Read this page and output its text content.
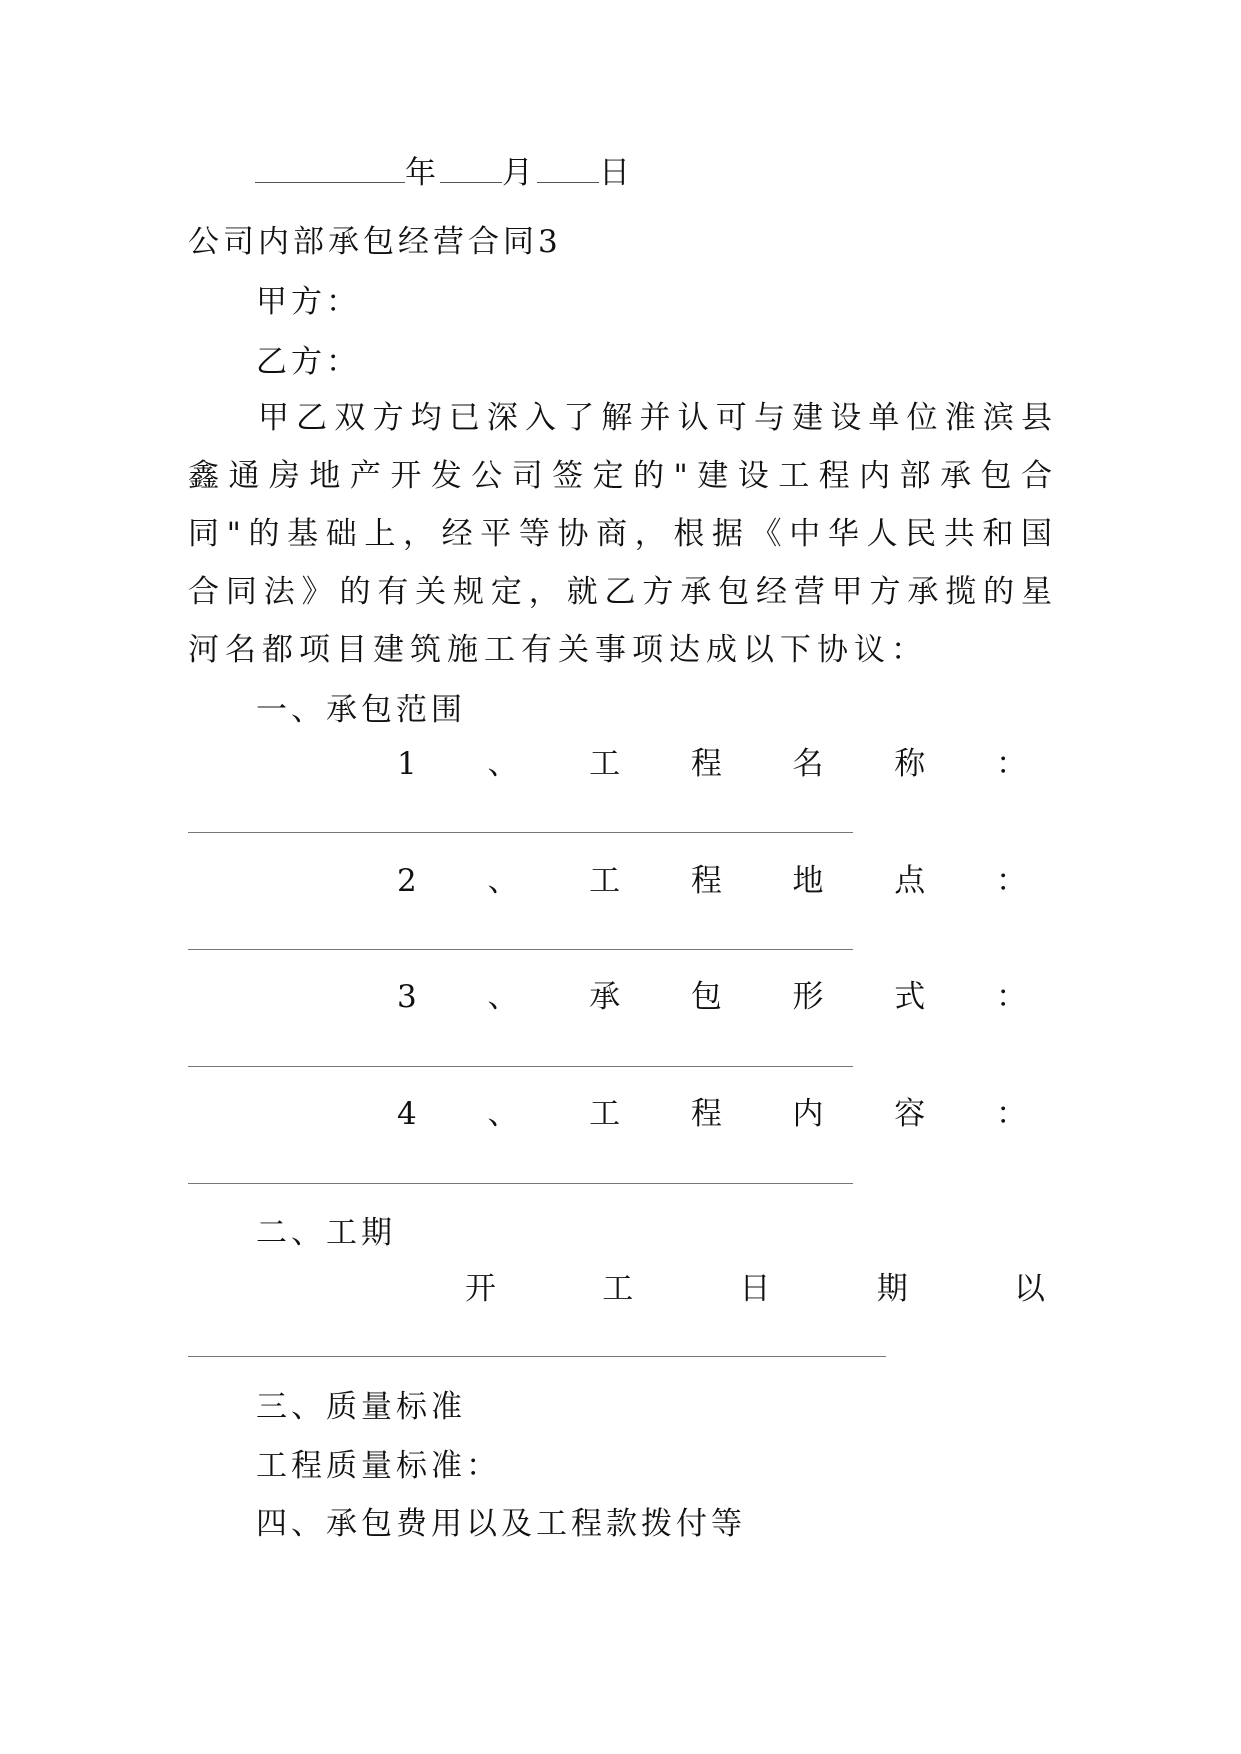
年 月 日
公司内部承包经营合同3
甲方：
乙方：
甲乙双方均已深入了解并认可与建设单位淮滨县鑫通房地产开发公司签定的"建设工程内部承包合同"的基础上，经平等协商，根据《中华人民共和国合同法》的有关规定，就乙方承包经营甲方承揽的星河名都项目建筑施工有关事项达成以下协议：
一、承包范围
1 、 工 程 名 称 ：
2 、 工 程 地 点 ：
3 、 承 包 形 式 ：
4 、 工 程 内 容 ：
二、工期
开	工	日	期	以
三、质量标准
工程质量标准：
四、承包费用以及工程款拨付等
